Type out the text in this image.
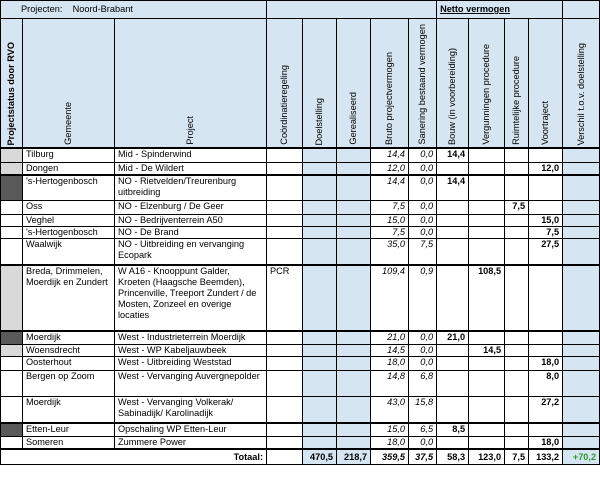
Projecten: Noord-Brabant								Netto vermogen				

Projectstatus door RVO	Gemeente	Project	Coördinatieregeling	Doelstelling	Gerealiseerd	Bruto projectvermogen	Sanering bestaand vermogen	Bouw (in voorbereiding)	Vergunningen procedure	Ruimtelijke procedure	Voortraject	Verschil t.o.v. doelstelling

	Tilburg	Mid - Spinderwind				14,4	0,0	14,4				
	Dongen	Mid - De Wildert				12,0	0,0				12,0	
	's-Hertogenbosch	NO - Rietvelden/Treurenburg uitbreiding				14,4	0,0	14,4				
	Oss	NO - Elzenburg / De Geer				7,5	0,0			7,5		
	Veghel	NO - Bedrijventerrein A50				15,0	0,0				15,0	
	's-Hertogenbosch	NO - De Brand				7,5	0,0				7,5	
	Waalwijk	NO - Uitbreiding en vervanging Ecopark				35,0	7,5				27,5	
	Breda, Drimmelen, Moerdijk en Zundert	W A16 - Knooppunt Galder, Kroeten (Haagsche Beemden), Princenville, Treeport Zundert / de Mosten, Zonzeel en overige locaties	PCR			109,4	0,9		108,5			
	Moerdijk	West - Industrieterrein Moerdijk				21,0	0,0	21,0				
	Woensdrecht	West - WP Kabeljauwbeek				14,5	0,0		14,5			
	Oosterhout	West - Uitbreiding Weststad				18,0	0,0				18,0	
	Bergen op Zoom	West - Vervanging Auvergnepolder				14,8	6,8				8,0	
	Moerdijk	West - Vervanging Volkerak/ Sabinadijk/ Karolinadijk				43,0	15,8				27,2	
	Etten-Leur	Opschaling WP Etten-Leur				15,0	6,5	8,5				
	Someren	Zummere Power				18,0	0,0				18,0	
Totaal:				470,5	218,7	359,5	37,5	58,3	123,0	7,5	133,2	+70,2
